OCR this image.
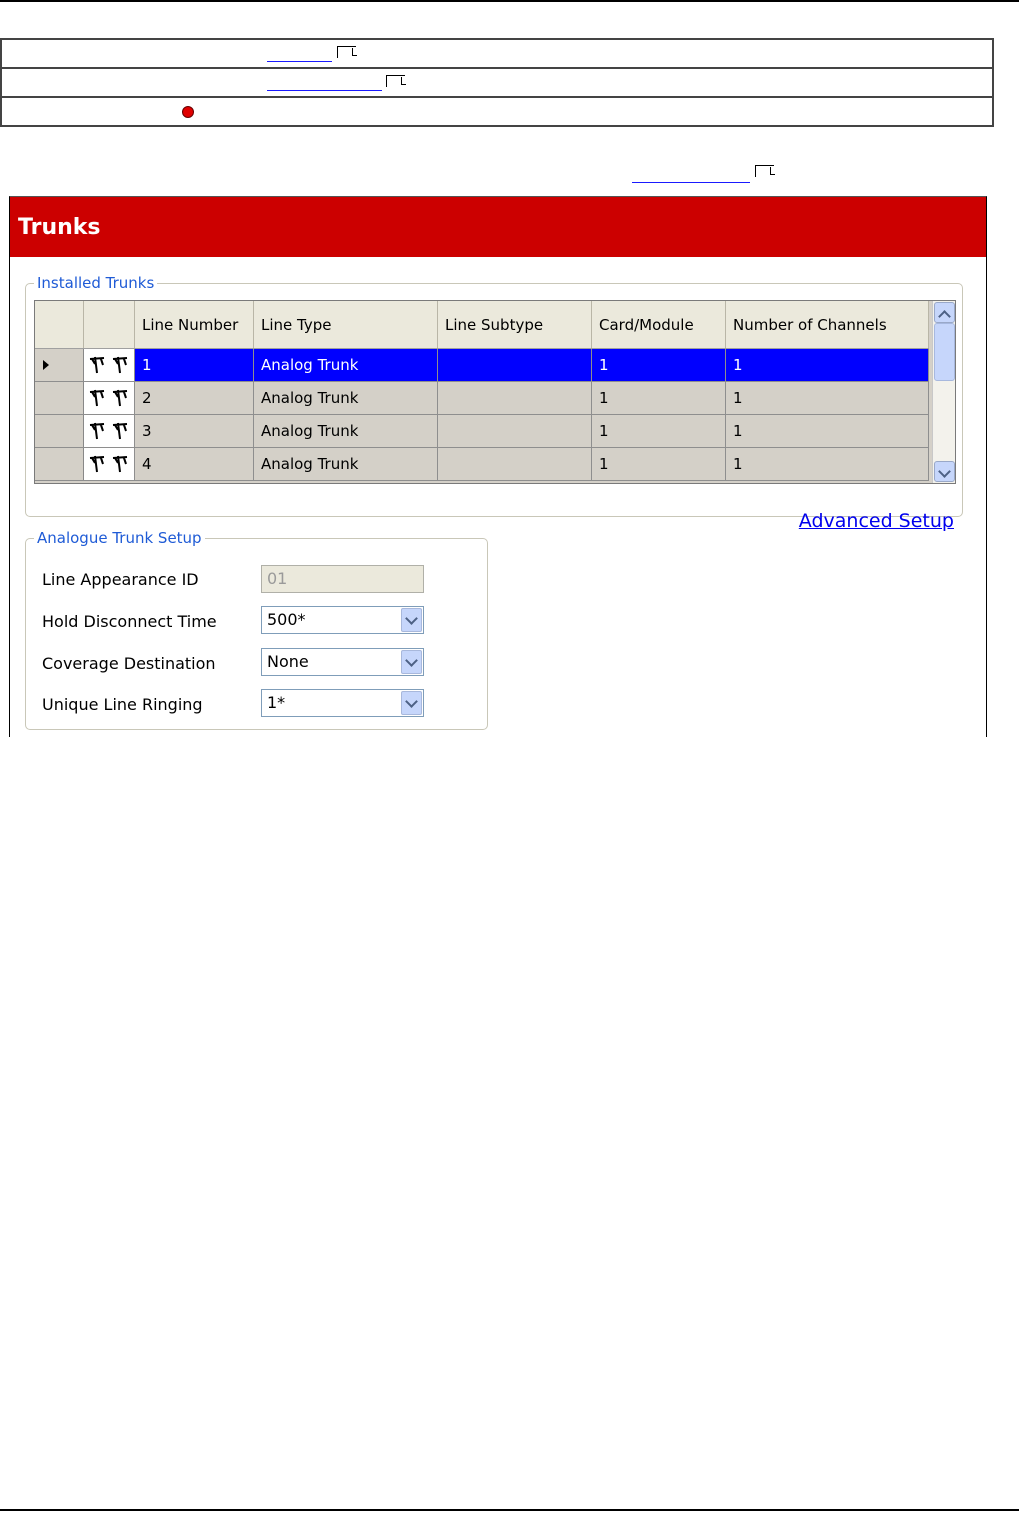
Trunks
Installed Trunks
		Line Number	Line Type	Line Subtype	Card/Module	Number of Channels

		1	Analog Trunk		1	1
		2	Analog Trunk		1	1
		3	Analog Trunk		1	1
		4	Analog Trunk		1	1
Advanced Setup
Analogue Trunk Setup
Line Appearance ID	01
Hold Disconnect Time	500*
Coverage Destination	None
Unique Line Ringing	1*
